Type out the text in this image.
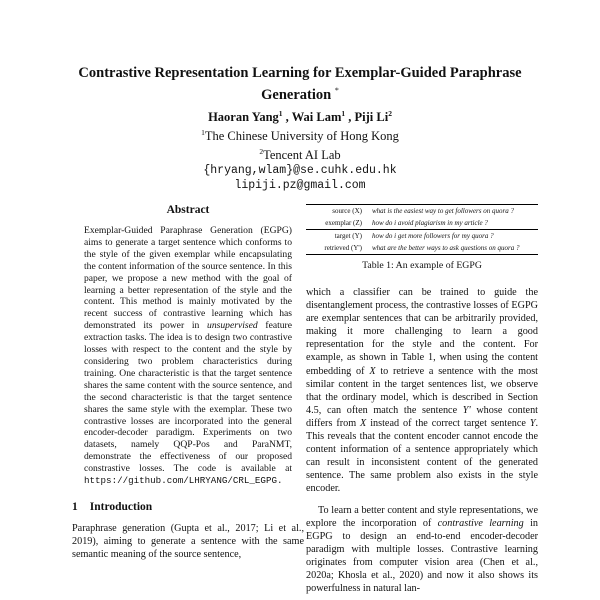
Contrastive Representation Learning for Exemplar-Guided Paraphrase
Generation *
Haoran Yang$^1$ , Wai Lam$^1$ , Piji Li$^2$
$^1$The Chinese University of Hong Kong
$^2$Tencent AI Lab
{hryang,wlam}@se.cuhk.edu.hk
lipiji.pz@gmail.com
Abstract

Exemplar-Guided Paraphrase Generation (EGPG) aims to generate a target sentence which conforms to the style of the given exemplar while encapsulating the content information of the source sentence. In this paper, we propose a new method with the goal of learning a better representation of the style and the content. This method is mainly motivated by the recent success of contrastive learning which has demonstrated its power in unsupervised feature extraction tasks. The idea is to design two contrastive losses with respect to the content and the style by considering two problem characteristics during training. One characteristic is that the target sentence shares the same content with the source sentence, and the second characteristic is that the target sentence shares the same style with the exemplar. These two contrastive losses are incorporated into the general encoder-decoder paradigm. Experiments on two datasets, namely QQP-Pos and ParaNMT, demonstrate the effectiveness of our proposed constrastive losses. The code is available at https://github.com/LHRYANG/CRL_EGPG.

1 Introduction

Paraphrase generation (Gupta et al., 2017; Li et al., 2019), aiming to generate a sentence with the same semantic meaning of the source sentence,

source (X)	what is the easiest way to get followers on quora ?
exemplar (Z)	how do i avoid plagiarism in my article ?
target (Y)	how do i get more followers for my quora ?
retrieved (Y')	what are the better ways to ask questions on quora ?
Table 1: An example of EGPG

which a classifier can be trained to guide the disentanglement process, the contrastive losses of EGPG are exemplar sentences that can be arbitrarily provided, making it more challenging to learn a good representation for the style and the content. For example, as shown in Table 1, when using the content embedding of X to retrieve a sentence with the most similar content in the target sentences list, we observe that the ordinary model, which is described in Section 4.5, can often match the sentence Y' whose content differs from X instead of the correct target sentence Y. This reveals that the content encoder cannot encode the content information of a sentence appropriately which can result in inconsistent content of the generated sentence. The same problem also exists in the style encoder.

To learn a better content and style representations, we explore the incorporation of contrastive learning in EGPG to design an end-to-end encoder-decoder paradigm with multiple losses. Contrastive learning originates from computer vision area (Chen et al., 2020a; Khosla et al., 2020) and now it also shows its powerfulness in natural lan-
